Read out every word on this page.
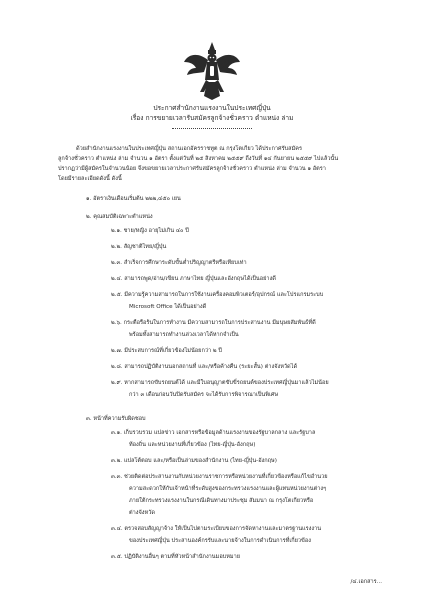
ประกาศสำนักงานแรงงานในประเทศญี่ปุ่น
เรื่อง การขยายเวลารับสมัครลูกจ้างชั่วคราว ตำแหน่ง ล่าม
ด้วยสำนักงานแรงงานในประเทศญี่ปุ่น สถานเอกอัครราชทูต ณ กรุงโตเกียว ได้ประกาศรับสมัคร
ลูกจ้างชั่วคราว ตำแหน่ง ล่าม จำนวน ๑ อัตรา ตั้งแต่วันที่ ๒๕ สิงหาคม ๒๕๕๙ ถึงวันที่ ๑๔ กันยายน ๒๕๕๙ ไปแล้วนั้น
ปรากฏว่ามีผู้สมัครในจำนวนน้อย จึงขอขยายเวลาประกาศรับสมัครลูกจ้างชั่วคราว ตำแหน่ง ล่าม จำนวน ๑ อัตรา
โดยมีรายละเอียดดังนี้ ดังนี้
๑. อัตราเงินเดือนเริ่มต้น ๒๒๒,๔๕๐ เยน
๒. คุณสมบัติเฉพาะตำแหน่ง
๒.๑. ชาย/หญิง อายุไม่เกิน ๔๐ ปี
๒.๒. สัญชาติไทย/ญี่ปุ่น
๒.๓. สำเร็จการศึกษาระดับขั้นต่ำปริญญาตรีหรือเทียบเท่า
๒.๔. สามารถพูด/อ่าน/เขียน ภาษาไทย ญี่ปุ่นและอังกฤษได้เป็นอย่างดี
๒.๕. มีความรู้ความสามารถในการใช้งานเครื่องคอมพิวเตอร์/อุปกรณ์ และโปรแกรมระบบ
Microsoft Office ได้เป็นอย่างดี
๒.๖. กระตือรือร้นในการทำงาน มีความสามารถในการประสานงาน มีมนุษยสัมพันธ์ที่ดี
พร้อมทั้งสามารถทำงานล่วงเวลาได้หากจำเป็น
๒.๗. มีประสบการณ์ที่เกี่ยวข้องไม่น้อยกว่า ๒ ปี
๒.๘. สามารถปฏิบัติงานนอกสถานที่ และ/หรือค้างคืน (ระยะสั้น) ต่างจังหวัดได้
๒.๙. หากสามารถขับรถยนต์ได้ และมีใบอนุญาตขับขี่รถยนต์ของประเทศญี่ปุ่นมาแล้วไม่น้อย
กว่า ๓ เดือนก่อนวันปิดรับสมัคร จะได้รับการพิจารณาเป็นพิเศษ
๓. หน้าที่ความรับผิดชอบ
๓.๑. เก็บรวบรวม แปลข่าว เอกสารหรือข้อมูลด้านแรงงานของรัฐบาลกลาง และรัฐบาล
ท้องถิ่น และหน่วยงานที่เกี่ยวข้อง (ไทย-ญี่ปุ่น-อังกฤษ)
๓.๒. แปลโต้ตอบ และ/หรือเป็นล่ามของสำนักงาน (ไทย-ญี่ปุ่น-อังกฤษ)
๓.๓. ช่วยติดต่อประสานงานกับหน่วยงานราชการหรือหน่วยงานที่เกี่ยวข้องหรือแก้ไขอำนวย
ความสะดวกให้กับเจ้าหน้าที่ระดับสูงของกระทรวงแรงงานและผู้แทนหน่วยงานต่างๆ
ภายใต้กระทรวงแรงงานในกรณีเดินทางมาประชุม สัมมนา ณ กรุงโตเกียวหรือ
ต่างจังหวัด
๓.๔. ตรวจสอบสัญญาจ้าง ให้เป็นไปตามระเบียบของการจัดหางานและมาตรฐานแรงงาน
ของประเทศญี่ปุ่น ประสานองค์กรรับและนายจ้างในการดำเนินการที่เกี่ยวข้อง
๓.๕. ปฏิบัติงานอื่นๆ ตามที่หัวหน้าสำนักงานมอบหมาย
/๔.เอกสาร...
